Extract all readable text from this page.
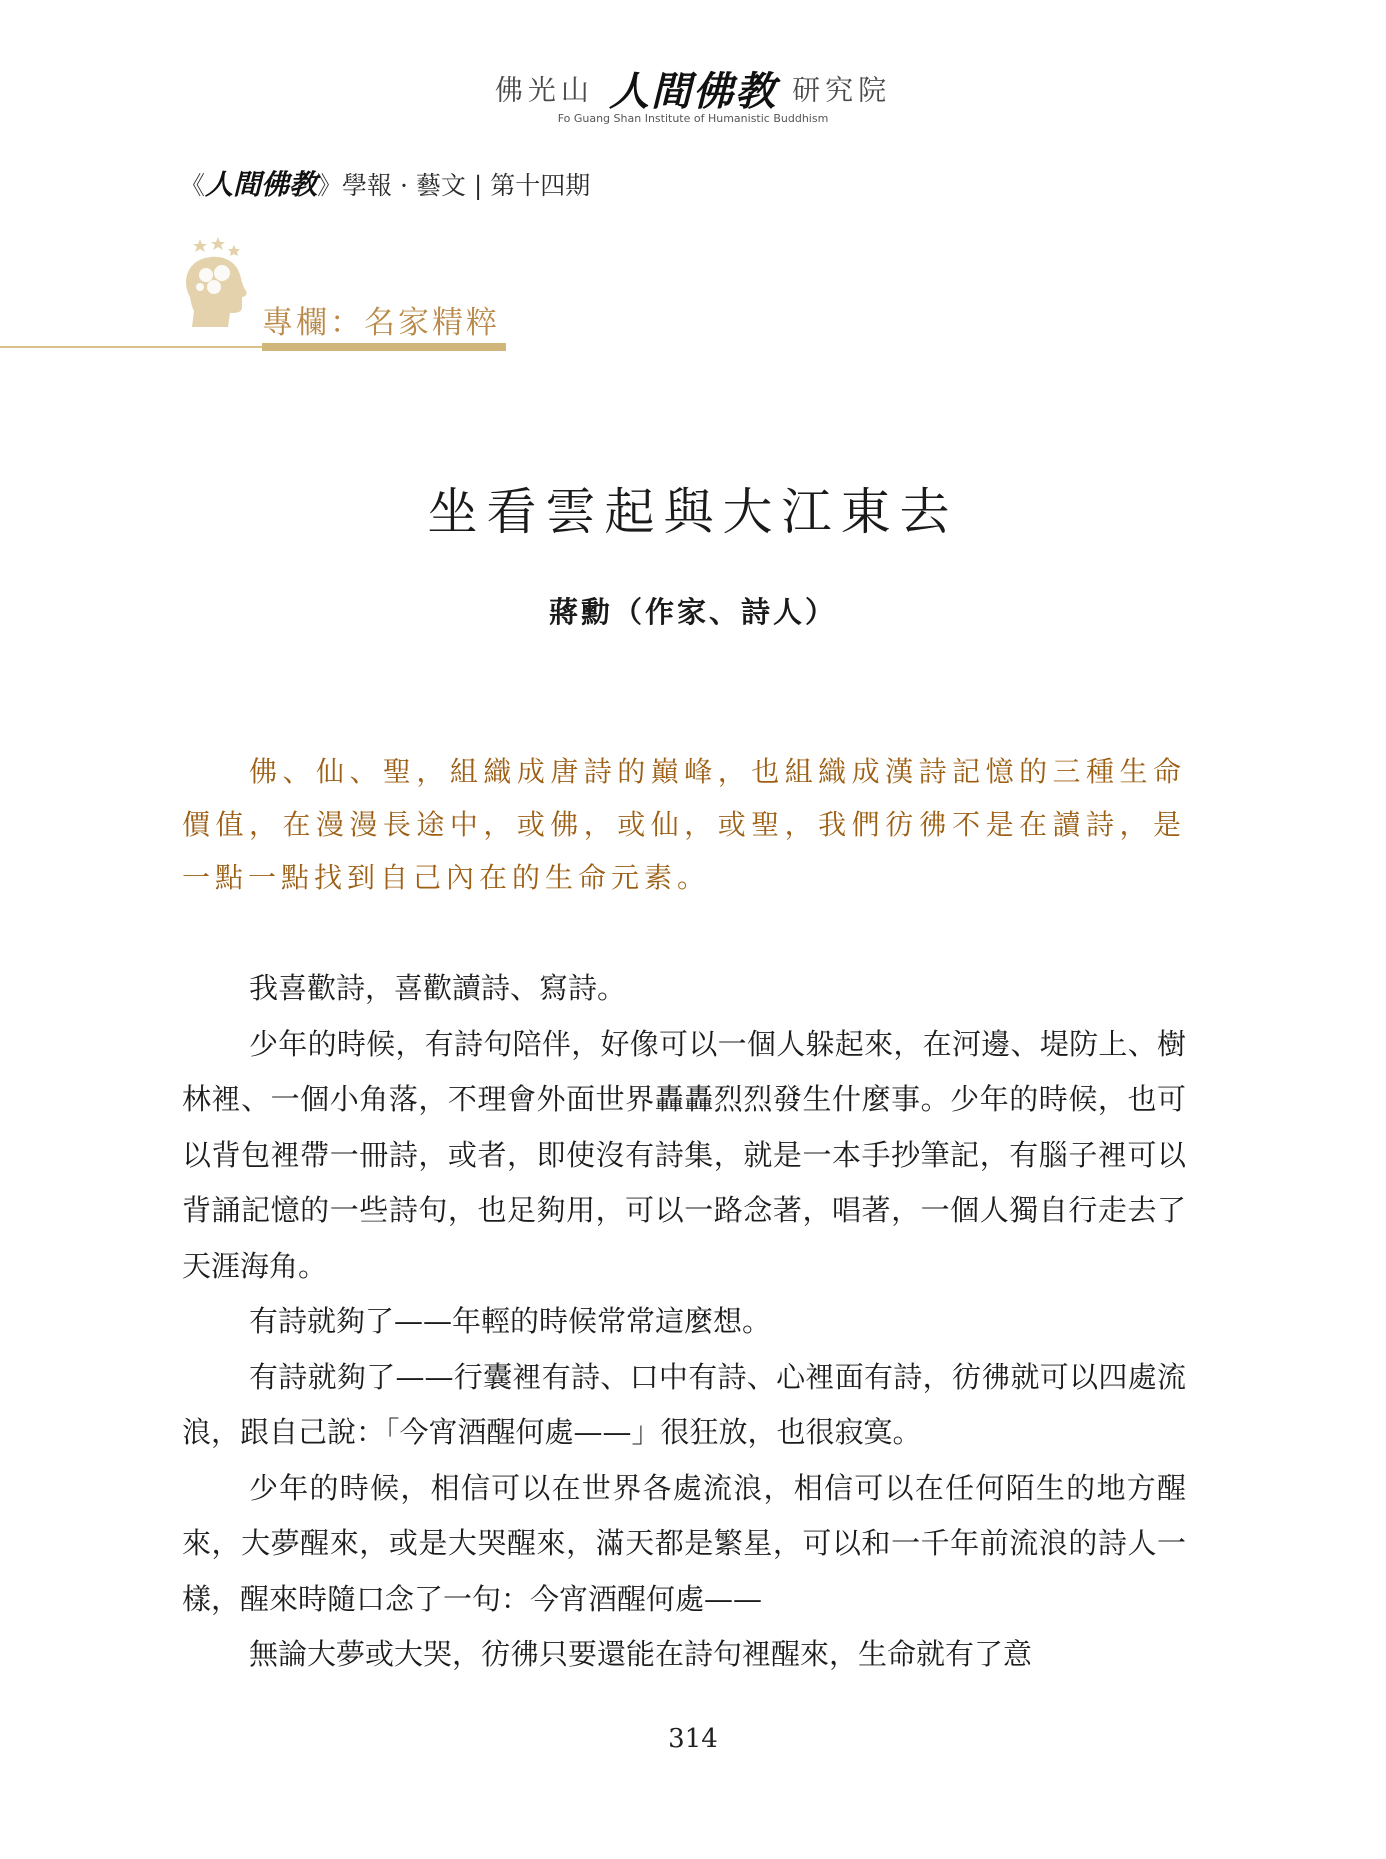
佛光山 人間佛教 研究院
Fo Guang Shan Institute of Humanistic Buddhism
《人間佛教》學報 · 藝文 | 第十四期
專欄：名家精粹
坐看雲起與大江東去
蔣勳（作家、詩人）

佛、仙、聖，組織成唐詩的巔峰，也組織成漢詩記憶的三種生命價值，在漫漫長途中，或佛，或仙，或聖，我們彷彿不是在讀詩，是一點一點找到自己內在的生命元素。

我喜歡詩，喜歡讀詩、寫詩。

少年的時候，有詩句陪伴，好像可以一個人躲起來，在河邊、堤防上、樹林裡、一個小角落，不理會外面世界轟轟烈烈發生什麼事。少年的時候，也可以背包裡帶一冊詩，或者，即使沒有詩集，就是一本手抄筆記，有腦子裡可以背誦記憶的一些詩句，也足夠用，可以一路念著，唱著，一個人獨自行走去了天涯海角。

有詩就夠了——年輕的時候常常這麼想。

有詩就夠了——行囊裡有詩、口中有詩、心裡面有詩，彷彿就可以四處流浪，跟自己說：「今宵酒醒何處——」很狂放，也很寂寞。

少年的時候，相信可以在世界各處流浪，相信可以在任何陌生的地方醒來，大夢醒來，或是大哭醒來，滿天都是繁星，可以和一千年前流浪的詩人一樣，醒來時隨口念了一句：今宵酒醒何處——

無論大夢或大哭，彷彿只要還能在詩句裡醒來，生命就有了意

314
